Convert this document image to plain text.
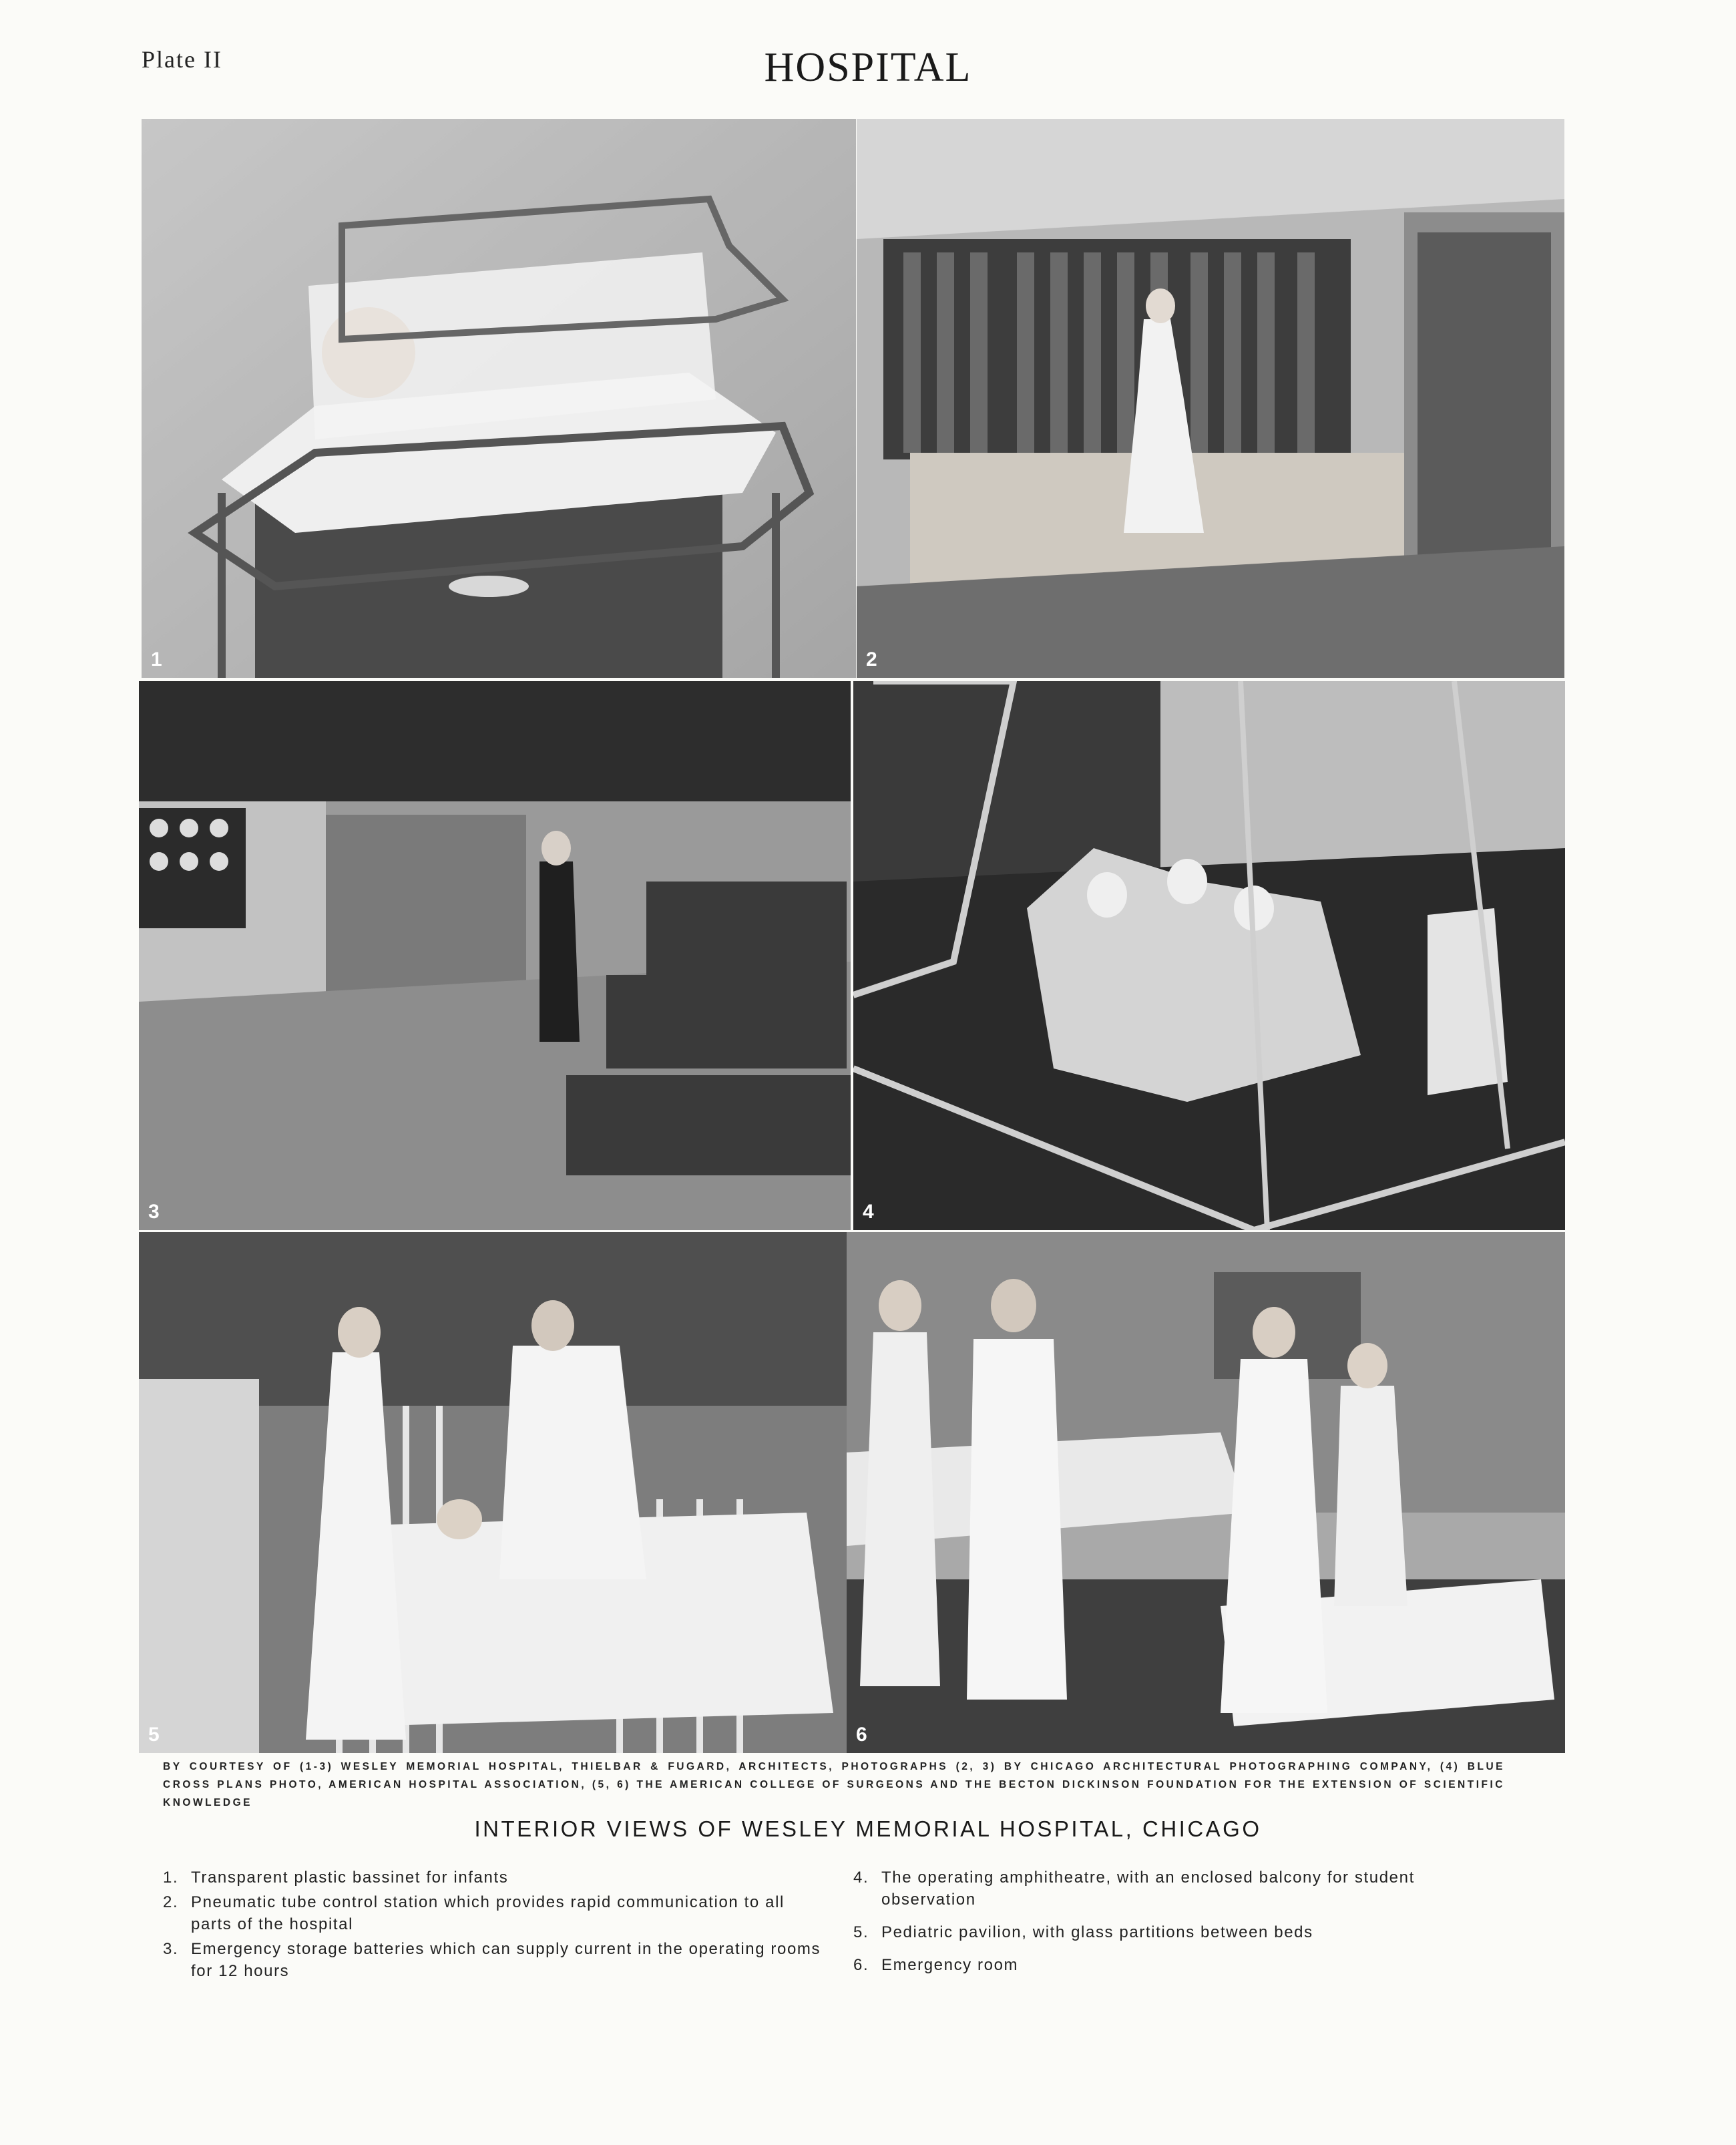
Plate II	HOSPITAL
1	2
3	4
5	6
BY COURTESY OF (1-3) WESLEY MEMORIAL HOSPITAL, THIELBAR & FUGARD, ARCHITECTS, PHOTOGRAPHS (2, 3) BY CHICAGO ARCHITECTURAL PHOTOGRAPHING COMPANY, (4) BLUE CROSS PLANS PHOTO, AMERICAN HOSPITAL ASSOCIATION, (5, 6) THE AMERICAN COLLEGE OF SURGEONS AND THE BECTON DICKINSON FOUNDATION FOR THE EXTENSION OF SCIENTIFIC KNOWLEDGE
INTERIOR VIEWS OF WESLEY MEMORIAL HOSPITAL, CHICAGO
1. Transparent plastic bassinet for infants
2. Pneumatic tube control station which provides rapid communication to all parts of the hospital
3. Emergency storage batteries which can supply current in the operating rooms for 12 hours
4. The operating amphitheatre, with an enclosed balcony for student observation
5. Pediatric pavilion, with glass partitions between beds
6. Emergency room
